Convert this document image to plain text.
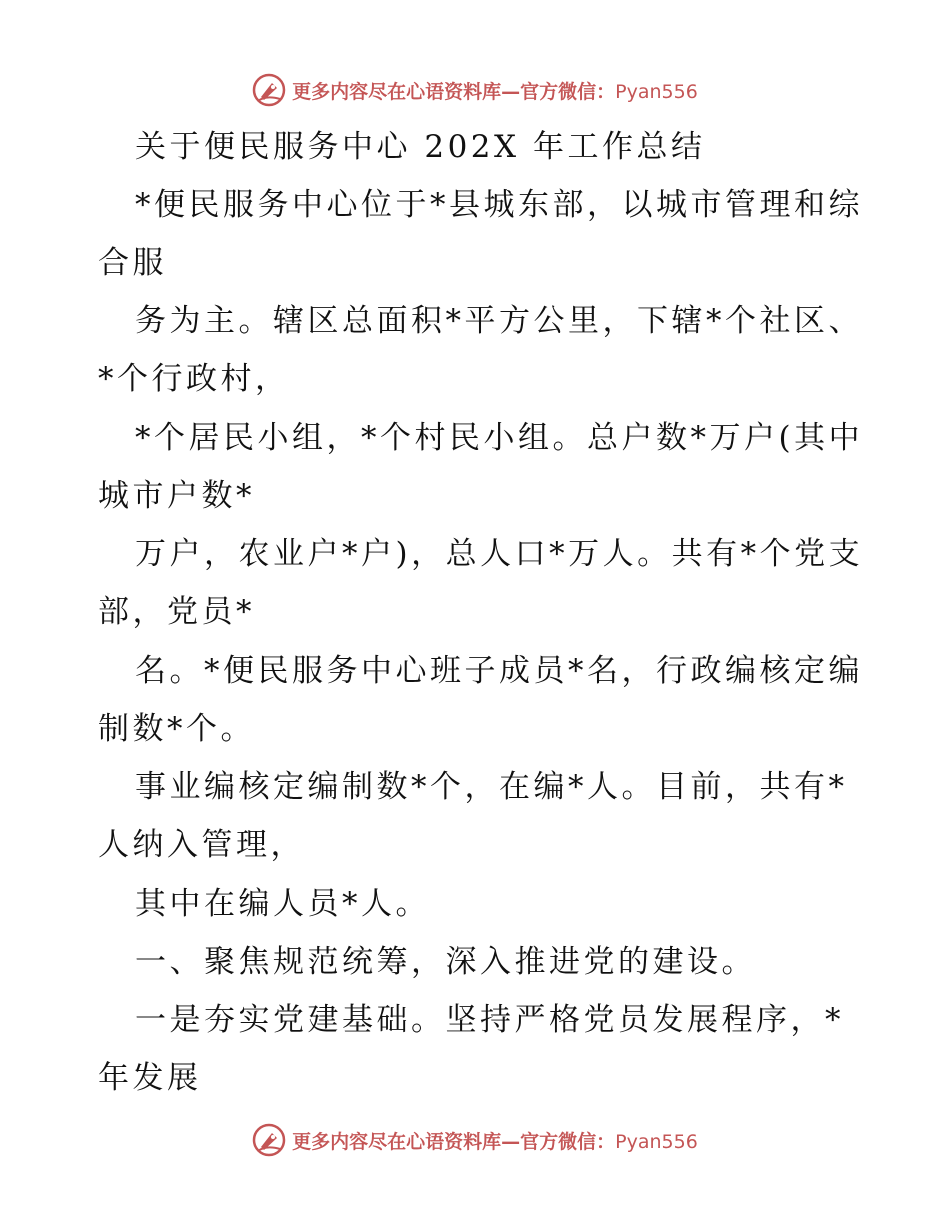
更多内容尽在心语资料库—官方微信：Pyan556
关于便民服务中心 202X 年工作总结
*便民服务中心位于*县城东部，以城市管理和综
合服
务为主。辖区总面积*平方公里，下辖*个社区、
*个行政村，
*个居民小组，*个村民小组。总户数*万户(其中
城市户数*
万户，农业户*户)，总人口*万人。共有*个党支
部，党员*
名。*便民服务中心班子成员*名，行政编核定编
制数*个。
事业编核定编制数*个，在编*人。目前，共有*
人纳入管理，
其中在编人员*人。
一、聚焦规范统筹，深入推进党的建设。
一是夯实党建基础。坚持严格党员发展程序，*
年发展
更多内容尽在心语资料库—官方微信：Pyan556
